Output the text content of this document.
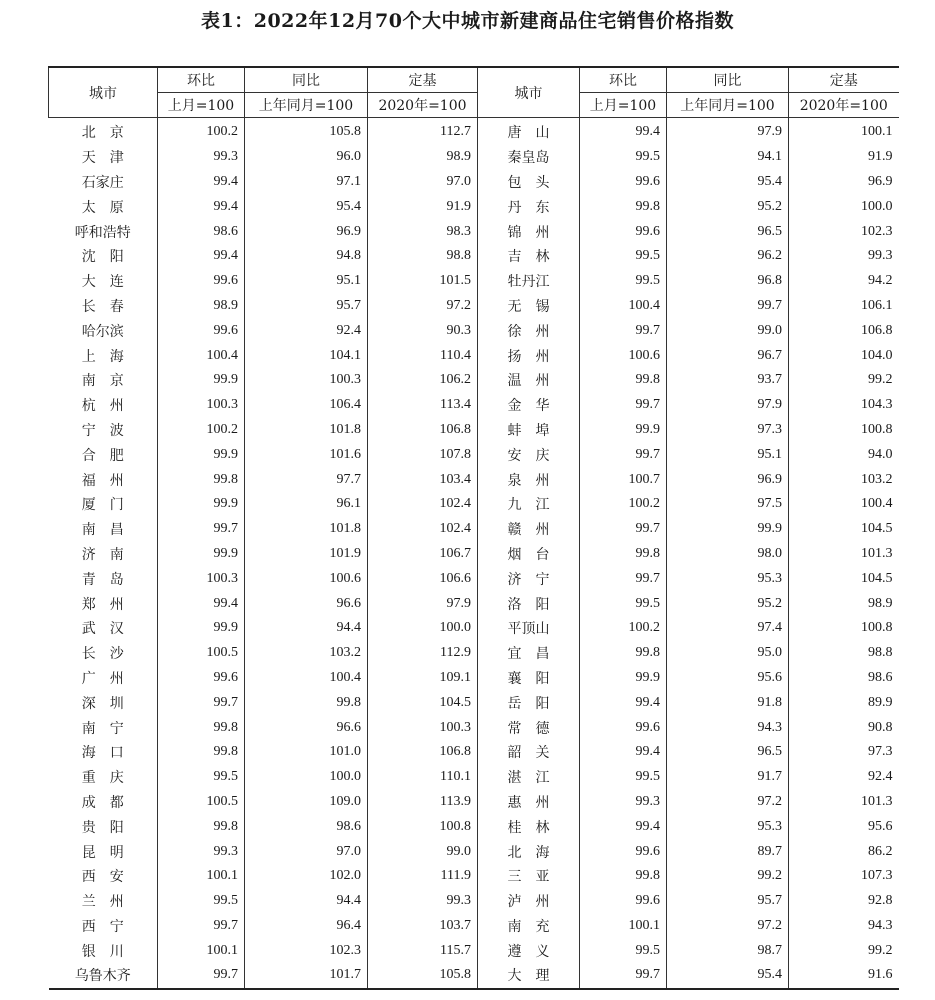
表1：2022年12月70个大中城市新建商品住宅销售价格指数
城市	环比	同比	定基	城市	环比	同比	定基
	上月=100	上年同月=100	2020年=100		上月=100	上年同月=100	2020年=100
北　京	100.2	105.8	112.7	唐　山	99.4	97.9	100.1
天　津	99.3	96.0	98.9	秦皇岛	99.5	94.1	91.9
石家庄	99.4	97.1	97.0	包　头	99.6	95.4	96.9
太　原	99.4	95.4	91.9	丹　东	99.8	95.2	100.0
呼和浩特	98.6	96.9	98.3	锦　州	99.6	96.5	102.3
沈　阳	99.4	94.8	98.8	吉　林	99.5	96.2	99.3
大　连	99.6	95.1	101.5	牡丹江	99.5	96.8	94.2
长　春	98.9	95.7	97.2	无　锡	100.4	99.7	106.1
哈尔滨	99.6	92.4	90.3	徐　州	99.7	99.0	106.8
上　海	100.4	104.1	110.4	扬　州	100.6	96.7	104.0
南　京	99.9	100.3	106.2	温　州	99.8	93.7	99.2
杭　州	100.3	106.4	113.4	金　华	99.7	97.9	104.3
宁　波	100.2	101.8	106.8	蚌　埠	99.9	97.3	100.8
合　肥	99.9	101.6	107.8	安　庆	99.7	95.1	94.0
福　州	99.8	97.7	103.4	泉　州	100.7	96.9	103.2
厦　门	99.9	96.1	102.4	九　江	100.2	97.5	100.4
南　昌	99.7	101.8	102.4	赣　州	99.7	99.9	104.5
济　南	99.9	101.9	106.7	烟　台	99.8	98.0	101.3
青　岛	100.3	100.6	106.6	济　宁	99.7	95.3	104.5
郑　州	99.4	96.6	97.9	洛　阳	99.5	95.2	98.9
武　汉	99.9	94.4	100.0	平顶山	100.2	97.4	100.8
长　沙	100.5	103.2	112.9	宜　昌	99.8	95.0	98.8
广　州	99.6	100.4	109.1	襄　阳	99.9	95.6	98.6
深　圳	99.7	99.8	104.5	岳　阳	99.4	91.8	89.9
南　宁	99.8	96.6	100.3	常　德	99.6	94.3	90.8
海　口	99.8	101.0	106.8	韶　关	99.4	96.5	97.3
重　庆	99.5	100.0	110.1	湛　江	99.5	91.7	92.4
成　都	100.5	109.0	113.9	惠　州	99.3	97.2	101.3
贵　阳	99.8	98.6	100.8	桂　林	99.4	95.3	95.6
昆　明	99.3	97.0	99.0	北　海	99.6	89.7	86.2
西　安	100.1	102.0	111.9	三　亚	99.8	99.2	107.3
兰　州	99.5	94.4	99.3	泸　州	99.6	95.7	92.8
西　宁	99.7	96.4	103.7	南　充	100.1	97.2	94.3
银　川	100.1	102.3	115.7	遵　义	99.5	98.7	99.2
乌鲁木齐	99.7	101.7	105.8	大　理	99.7	95.4	91.6
